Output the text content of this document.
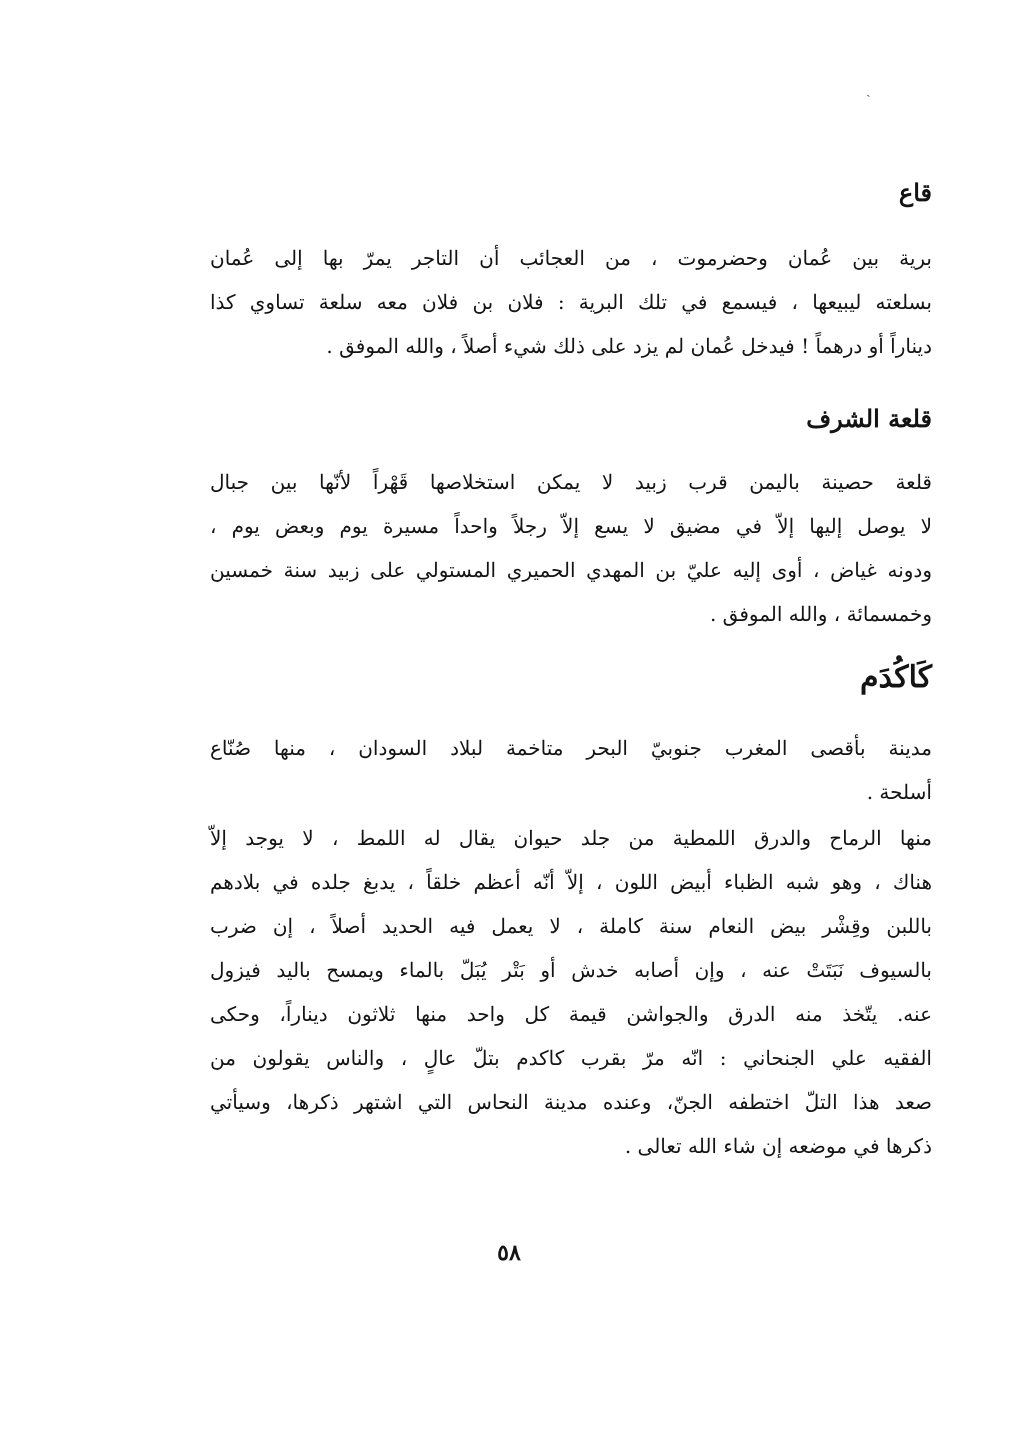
ˏ
قاع
برية بين عُمان وحضرموت ، من العجائب أن التاجر يمرّ بها إلى عُمان
بسلعته ليبيعها ، فيسمع في تلك البرية : فلان بن فلان معه سلعة تساوي كذا
ديناراً أو درهماً ! فيدخل عُمان لم يزد على ذلك شيء أصلاً ، والله الموفق .
قلعة الشرف
قلعة حصينة باليمن قرب زبيد لا يمكن استخلاصها قَهْراً لأنّها بين جبال
لا يوصل إليها إلاّ في مضيق لا يسع إلاّ رجلاً واحداً مسيرة يوم وبعض يوم ،
ودونه غياض ، أوى إليه عليّ بن المهدي الحميري المستولي على زبيد سنة خمسين
وخمسمائة ، والله الموفق .
كَاكُدَم
مدينة بأقصى المغرب جنوبيّ البحر متاخمة لبلاد السودان ، منها صُنّاع
أسلحة .
منها الرماح والدرق اللمطية من جلد حيوان يقال له اللمط ، لا يوجد إلاّ
هناك ، وهو شبه الظباء أبيض اللون ، إلاّ أنّه أعظم خلقاً ، يدبغ جلده في بلادهم
باللبن وقِشْر بيض النعام سنة كاملة ، لا يعمل فيه الحديد أصلاً ، إن ضرب
بالسيوف نَبَتَتْ عنه ، وإن أصابه خدش أو بَتْر يُبَلّ بالماء ويمسح باليد فيزول
عنه. يتّخذ منه الدرق والجواشن قيمة كل واحد منها ثلاثون ديناراً، وحكى
الفقيه علي الجنحاني : انّه مرّ بقرب كاكدم بتلّ عالٍ ، والناس يقولون من
صعد هذا التلّ اختطفه الجنّ، وعنده مدينة النحاس التي اشتهر ذكرها، وسيأتي
ذكرها في موضعه إن شاء الله تعالى .
٥٨
